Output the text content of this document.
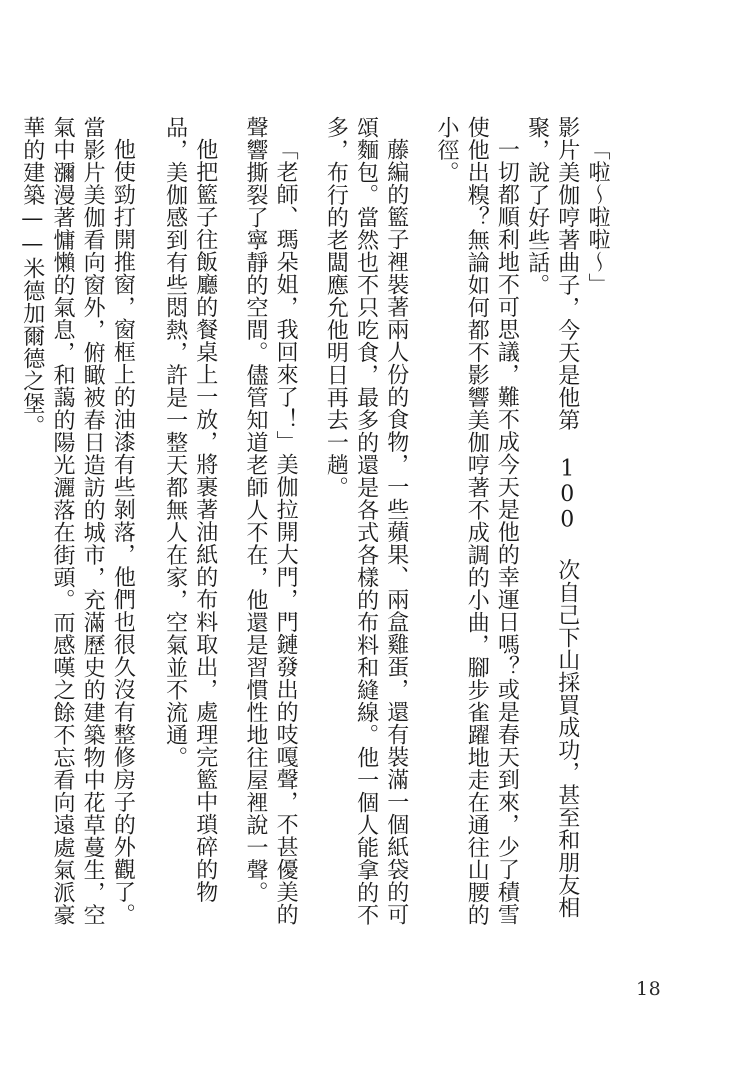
「啦～啦啦～」

影片美伽哼著曲子，今天是他第 100 次自己下山採買成功，甚至和朋友相聚，說了好些話。

一切都順利地不可思議，難不成今天是他的幸運日嗎？或是春天到來，少了積雪使他出糗？無論如何都不影響美伽哼著不成調的小曲，腳步雀躍地走在通往山腰的小徑。

藤編的籃子裡裝著兩人份的食物，一些蘋果、兩盒雞蛋，還有裝滿一個紙袋的可頌麵包。當然也不只吃食，最多的還是各式各樣的布料和縫線。他一個人能拿的不多，布行的老闆應允他明日再去一趟。

「老師、瑪朵姐，我回來了！」美伽拉開大門，門鏈發出的吱嘎聲，不甚優美的聲響撕裂了寧靜的空間。儘管知道老師人不在，他還是習慣性地往屋裡說一聲。

他把籃子往飯廳的餐桌上一放，將裹著油紙的布料取出，處理完籃中瑣碎的物品，美伽感到有些悶熱，許是一整天都無人在家，空氣並不流通。

他使勁打開推窗，窗框上的油漆有些剝落，他們也很久沒有整修房子的外觀了。當影片美伽看向窗外，俯瞰被春日造訪的城市，充滿歷史的建築物中花草蔓生，空氣中瀰漫著慵懶的氣息，和藹的陽光灑落在街頭。而感嘆之餘不忘看向遠處氣派豪華的建築——米德加爾德之堡。

18
